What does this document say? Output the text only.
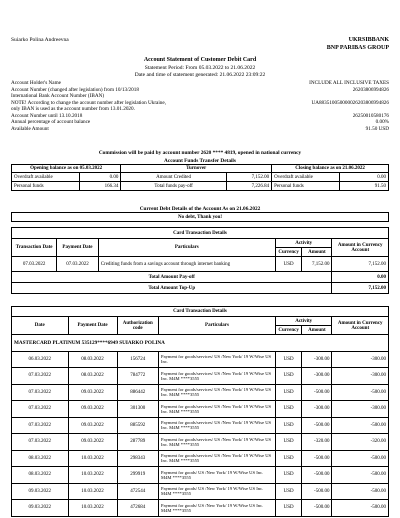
Suiarko Polina Andreevna	UKRSIBBANK
BNP PARIBAS GROUP
Account Statement of Customer Debit Card
Statement Period: From 05.03.2022 to 21.06.2022
Date and time of statement generated: 21.06.2022 23:09:22
Account Holder's Name	INCLUDE ALL INCLUSIVE TAXES
Account Number (changed after legislation) from 10/13/2018	26203806994826
International Bank Account Number (IBAN)
NOTE! According to change the account number after legislation Ukraine,	UA883510050000026203806994826
only IBAN is used as the account number from 13.01.2020.
Account Number until 13.10.2018	26250010580176
Annual percentage of account balance	0.00%
Available Amount	91.50 USD
Commission will be paid by account number 2620 **** 4819, opened in national currency
Account Funds Transfer Details
Opening balance as on 05.03.2022		Turnover		Closing balance as on 21.06.2022	
Overdraft available	0.00	Amount Credited	7,152.00	Overdraft available	0.00
Personal funds	166.34	Total funds pay-off	7,226.84	Personal funds	91.50
Current Debt Details of the Account As on 21.06.2022
No debt, Thank you!
Card Transaction Details					
Transaction Date	Payment Date	Particulars	Activity		Amount in Currency Account
			Currency	Amount	
07.03.2022	07.03.2022	Crediting funds from a savings account through internet banking	USD	7,152.00	7,152.00
Total Amount Pay-off					0.00
Total Amount Top-Up					7,152.00
Card Transaction Details						
Date	Payment Date	Authorization code	Particulars	Activity		Amount in Currency Account
				Currency	Amount	
MASTERCARD PLATINUM 535129****6949 SUIARKO POLINA						
06.03.2022	08.03.2022	156724	Payment for goods/services/ US /New York/ 19 W/Wise US Inc.	USD	-300.00	-300.00
07.03.2022	08.03.2022	784772	Payment for goods/services/ US /New York/ 19 W/Wise US Inc. M4M ****3555	USD	-300.00	-300.00
07.03.2022	09.03.2022	886442	Payment for goods/services/ US /New York/ 19 W/Wise US Inc. M4M ****3555	USD	-500.00	-500.00
07.03.2022	09.03.2022	301300	Payment for goods/services/ US /New York/ 19 W/Wise US Inc. M4M ****3555	USD	-300.00	-300.00
07.03.2022	09.03.2022	885592	Payment for goods/services/ US /New York/ 19 W/Wise US Inc. M4M ****3555	USD	-500.00	-500.00
07.03.2022	09.03.2022	287789	Payment for goods/services/ US /New York/ 19 W/Wise US Inc. M4M ****3555	USD	-320.00	-320.00
08.03.2022	10.03.2022	298343	Payment for goods/services/ US /New York/ 19 W/Wise US Inc. M4M ****3555	USD	-500.00	-500.00
08.03.2022	10.03.2022	299919	Payment for goods/ US /New York/ 19 W/Wise US Inc. M4M ****3555	USD	-500.00	-500.00
09.03.2022	10.03.2022	472544	Payment for goods/ US /New York/ 19 W/Wise US Inc. M4M ****3555	USD	-500.00	-500.00
09.03.2022	10.03.2022	472684	Payment for goods/ US /New York/ 19 W/Wise US Inc. M4M ****3555	USD	-500.00	-500.00
